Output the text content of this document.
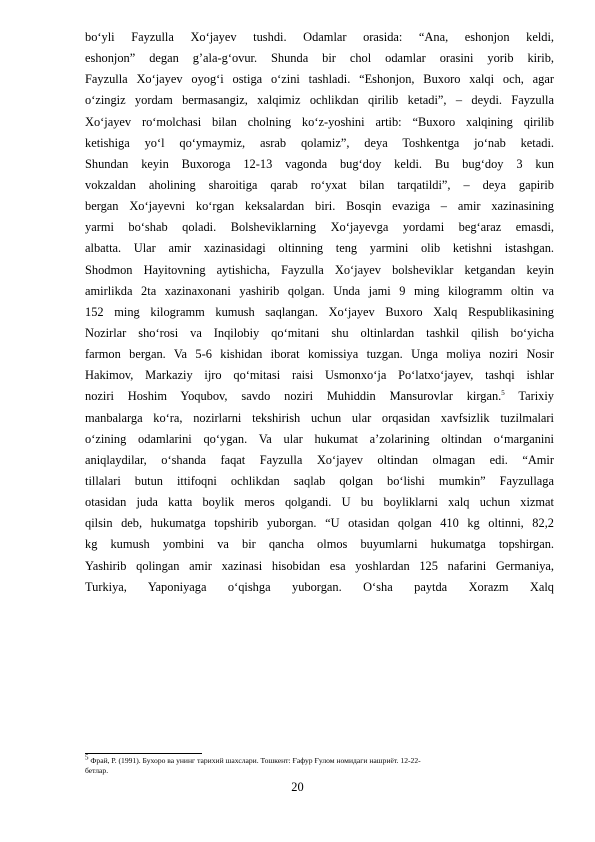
bo‘yli Fayzulla Xo‘jayev tushdi. Odamlar orasida: “Ana, eshonjon keldi,
eshonjon” degan g’ala-g‘ovur. Shunda bir chol odamlar orasini yorib kirib,
Fayzulla Xo‘jayev oyog‘i ostiga o‘zini tashladi. “Eshonjon, Buxoro xalqi och, agar
o‘zingiz yordam bermasangiz, xalqimiz ochlikdan qirilib ketadi”, – deydi. Fayzulla
Xo‘jayev ro‘molchasi bilan cholning ko‘z-yoshini artib: “Buxoro xalqining qirilib
ketishiga yo‘l qo‘ymaymiz, asrab qolamiz”, deya Toshkentga jo‘nab ketadi.
Shundan keyin Buxoroga 12-13 vagonda bug‘doy keldi. Bu bug‘doy 3 kun
vokzaldan aholining sharoitiga qarab ro‘yxat bilan tarqatildi”, – deya gapirib
bergan Xo‘jayevni ko‘rgan keksalardan biri. Bosqin evaziga – amir xazinasining
yarmi bo‘shab qoladi. Bolsheviklarning Xo‘jayevga yordami beg‘araz emasdi,
albatta. Ular amir xazinasidagi oltinning teng yarmini olib ketishni istashgan.
Shodmon Hayitovning aytishicha, Fayzulla Xo‘jayev bolsheviklar ketgandan keyin
amirlikda 2ta xazinaxonani yashirib qolgan. Unda jami 9 ming kilogramm oltin va
152 ming kilogramm kumush saqlangan. Xo‘jayev Buxoro Xalq Respublikasining
Nozirlar sho‘rosi va Inqilobiy qo‘mitani shu oltinlardan tashkil qilish bo‘yicha
farmon bergan. Va 5-6 kishidan iborat komissiya tuzgan. Unga moliya noziri Nosir
Hakimov, Markaziy ijro qo‘mitasi raisi Usmonxo‘ja Po‘latxo‘jayev, tashqi ishlar
noziri Hoshim Yoqubov, savdo noziri Muhiddin Mansurovlar kirgan.$^5$ Tarixiy
manbalarga ko‘ra, nozirlarni tekshirish uchun ular orqasidan xavfsizlik tuzilmalari
o‘zining odamlarini qo‘ygan. Va ular hukumat a’zolarining oltindan o‘marganini
aniqlaydilar, o‘shanda faqat Fayzulla Xo‘jayev oltindan olmagan edi. “Amir
tillalari butun ittifoqni ochlikdan saqlab qolgan bo‘lishi mumkin” Fayzullaga
otasidan juda katta boylik meros qolgandi. U bu boyliklarni xalq uchun xizmat
qilsin deb, hukumatga topshirib yuborgan. “U otasidan qolgan 410 kg oltinni, 82,2
kg kumush yombini va bir qancha olmos buyumlarni hukumatga topshirgan.
Yashirib qolingan amir xazinasi hisobidan esa yoshlardan 125 nafarini Germaniya,
Turkiya, Yaponiyaga o‘qishga yuborgan. O‘sha paytda Xorazm Xalq
$^5$ Фрай, Р. (1991). Бухоро ва унинг тарихий шахслари. Тошкент: Ғафур Ғулом номидаги нашриёт. 12-22-
бетлар.
20
